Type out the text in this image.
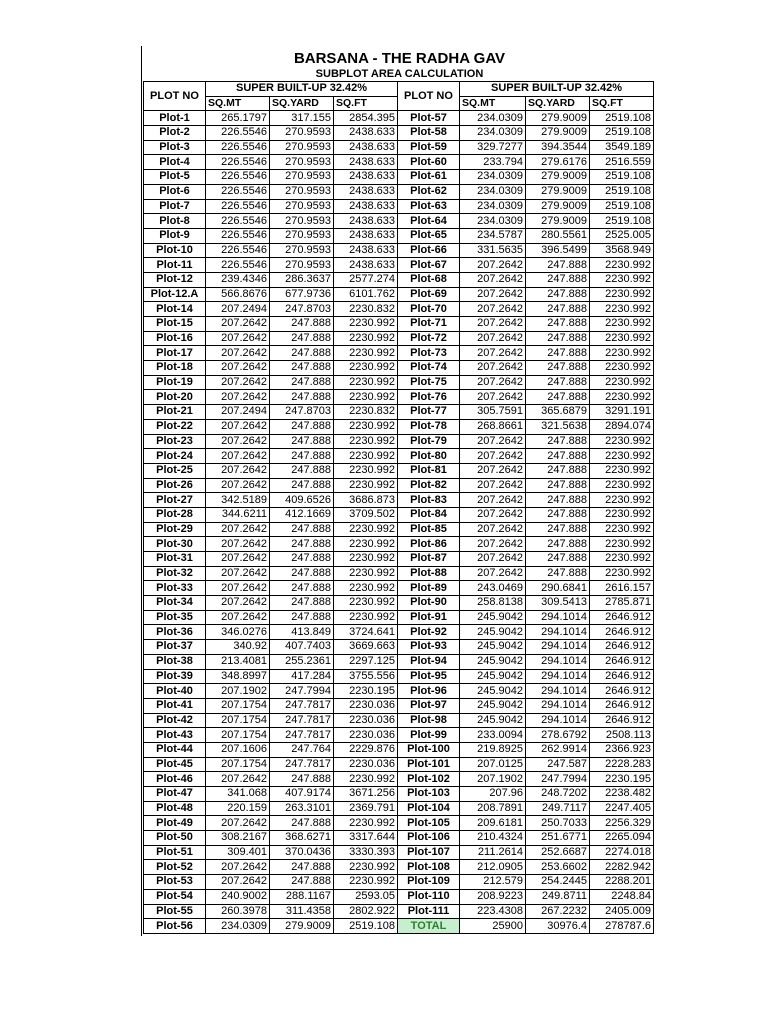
BARSANA - THE RADHA GAV
SUBPLOT AREA CALCULATION
PLOT NO	SUPER BUILT-UP 32.42%			PLOT NO	SUPER BUILT-UP 32.42%		
	SQ.MT	SQ.YARD	SQ.FT		SQ.MT	SQ.YARD	SQ.FT
Plot-1	265.1797	317.155	2854.395	Plot-57	234.0309	279.9009	2519.108
Plot-2	226.5546	270.9593	2438.633	Plot-58	234.0309	279.9009	2519.108
Plot-3	226.5546	270.9593	2438.633	Plot-59	329.7277	394.3544	3549.189
Plot-4	226.5546	270.9593	2438.633	Plot-60	233.794	279.6176	2516.559
Plot-5	226.5546	270.9593	2438.633	Plot-61	234.0309	279.9009	2519.108
Plot-6	226.5546	270.9593	2438.633	Plot-62	234.0309	279.9009	2519.108
Plot-7	226.5546	270.9593	2438.633	Plot-63	234.0309	279.9009	2519.108
Plot-8	226.5546	270.9593	2438.633	Plot-64	234.0309	279.9009	2519.108
Plot-9	226.5546	270.9593	2438.633	Plot-65	234.5787	280.5561	2525.005
Plot-10	226.5546	270.9593	2438.633	Plot-66	331.5635	396.5499	3568.949
Plot-11	226.5546	270.9593	2438.633	Plot-67	207.2642	247.888	2230.992
Plot-12	239.4346	286.3637	2577.274	Plot-68	207.2642	247.888	2230.992
Plot-12.A	566.8676	677.9736	6101.762	Plot-69	207.2642	247.888	2230.992
Plot-14	207.2494	247.8703	2230.832	Plot-70	207.2642	247.888	2230.992
Plot-15	207.2642	247.888	2230.992	Plot-71	207.2642	247.888	2230.992
Plot-16	207.2642	247.888	2230.992	Plot-72	207.2642	247.888	2230.992
Plot-17	207.2642	247.888	2230.992	Plot-73	207.2642	247.888	2230.992
Plot-18	207.2642	247.888	2230.992	Plot-74	207.2642	247.888	2230.992
Plot-19	207.2642	247.888	2230.992	Plot-75	207.2642	247.888	2230.992
Plot-20	207.2642	247.888	2230.992	Plot-76	207.2642	247.888	2230.992
Plot-21	207.2494	247.8703	2230.832	Plot-77	305.7591	365.6879	3291.191
Plot-22	207.2642	247.888	2230.992	Plot-78	268.8661	321.5638	2894.074
Plot-23	207.2642	247.888	2230.992	Plot-79	207.2642	247.888	2230.992
Plot-24	207.2642	247.888	2230.992	Plot-80	207.2642	247.888	2230.992
Plot-25	207.2642	247.888	2230.992	Plot-81	207.2642	247.888	2230.992
Plot-26	207.2642	247.888	2230.992	Plot-82	207.2642	247.888	2230.992
Plot-27	342.5189	409.6526	3686.873	Plot-83	207.2642	247.888	2230.992
Plot-28	344.6211	412.1669	3709.502	Plot-84	207.2642	247.888	2230.992
Plot-29	207.2642	247.888	2230.992	Plot-85	207.2642	247.888	2230.992
Plot-30	207.2642	247.888	2230.992	Plot-86	207.2642	247.888	2230.992
Plot-31	207.2642	247.888	2230.992	Plot-87	207.2642	247.888	2230.992
Plot-32	207.2642	247.888	2230.992	Plot-88	207.2642	247.888	2230.992
Plot-33	207.2642	247.888	2230.992	Plot-89	243.0469	290.6841	2616.157
Plot-34	207.2642	247.888	2230.992	Plot-90	258.8138	309.5413	2785.871
Plot-35	207.2642	247.888	2230.992	Plot-91	245.9042	294.1014	2646.912
Plot-36	346.0276	413.849	3724.641	Plot-92	245.9042	294.1014	2646.912
Plot-37	340.92	407.7403	3669.663	Plot-93	245.9042	294.1014	2646.912
Plot-38	213.4081	255.2361	2297.125	Plot-94	245.9042	294.1014	2646.912
Plot-39	348.8997	417.284	3755.556	Plot-95	245.9042	294.1014	2646.912
Plot-40	207.1902	247.7994	2230.195	Plot-96	245.9042	294.1014	2646.912
Plot-41	207.1754	247.7817	2230.036	Plot-97	245.9042	294.1014	2646.912
Plot-42	207.1754	247.7817	2230.036	Plot-98	245.9042	294.1014	2646.912
Plot-43	207.1754	247.7817	2230.036	Plot-99	233.0094	278.6792	2508.113
Plot-44	207.1606	247.764	2229.876	Plot-100	219.8925	262.9914	2366.923
Plot-45	207.1754	247.7817	2230.036	Plot-101	207.0125	247.587	2228.283
Plot-46	207.2642	247.888	2230.992	Plot-102	207.1902	247.7994	2230.195
Plot-47	341.068	407.9174	3671.256	Plot-103	207.96	248.7202	2238.482
Plot-48	220.159	263.3101	2369.791	Plot-104	208.7891	249.7117	2247.405
Plot-49	207.2642	247.888	2230.992	Plot-105	209.6181	250.7033	2256.329
Plot-50	308.2167	368.6271	3317.644	Plot-106	210.4324	251.6771	2265.094
Plot-51	309.401	370.0436	3330.393	Plot-107	211.2614	252.6687	2274.018
Plot-52	207.2642	247.888	2230.992	Plot-108	212.0905	253.6602	2282.942
Plot-53	207.2642	247.888	2230.992	Plot-109	212.579	254.2445	2288.201
Plot-54	240.9002	288.1167	2593.05	Plot-110	208.9223	249.8711	2248.84
Plot-55	260.3978	311.4358	2802.922	Plot-111	223.4308	267.2232	2405.009
Plot-56	234.0309	279.9009	2519.108	TOTAL	25900	30976.4	278787.6
